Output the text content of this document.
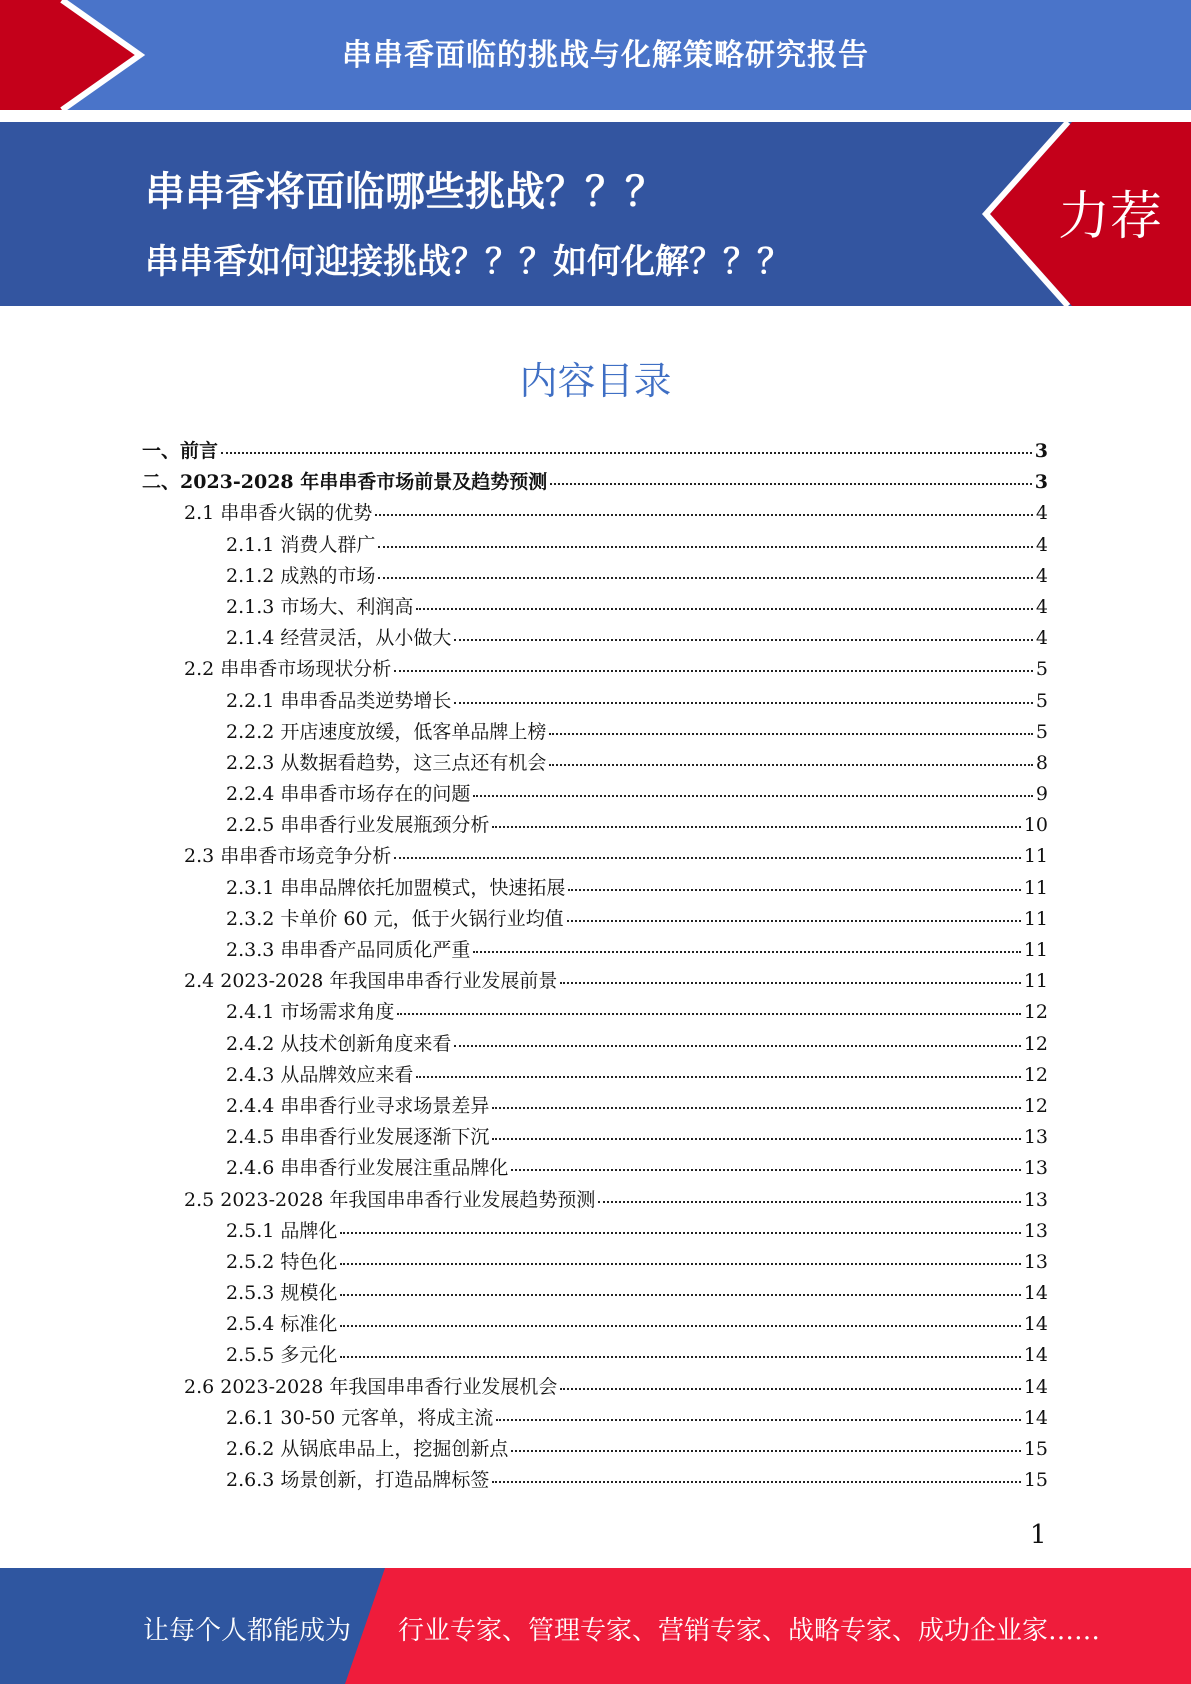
串串香面临的挑战与化解策略研究报告
串串香将面临哪些挑战？？？
串串香如何迎接挑战？？？如何化解？？？
力荐
内容目录
一、前言	3
二、2023-2028 年串串香市场前景及趋势预测	3
2.1 串串香火锅的优势	4
2.1.1 消费人群广	4
2.1.2 成熟的市场	4
2.1.3 市场大、利润高	4
2.1.4 经营灵活，从小做大	4
2.2 串串香市场现状分析	5
2.2.1 串串香品类逆势增长	5
2.2.2 开店速度放缓，低客单品牌上榜	5
2.2.3 从数据看趋势，这三点还有机会	8
2.2.4 串串香市场存在的问题	9
2.2.5 串串香行业发展瓶颈分析	10
2.3 串串香市场竞争分析	11
2.3.1 串串品牌依托加盟模式，快速拓展	11
2.3.2 卡单价 60 元，低于火锅行业均值	11
2.3.3 串串香产品同质化严重	11
2.4 2023-2028 年我国串串香行业发展前景	11
2.4.1 市场需求角度	12
2.4.2 从技术创新角度来看	12
2.4.3 从品牌效应来看	12
2.4.4 串串香行业寻求场景差异	12
2.4.5 串串香行业发展逐渐下沉	13
2.4.6 串串香行业发展注重品牌化	13
2.5 2023-2028 年我国串串香行业发展趋势预测	13
2.5.1 品牌化	13
2.5.2 特色化	13
2.5.3 规模化	14
2.5.4 标准化	14
2.5.5 多元化	14
2.6 2023-2028 年我国串串香行业发展机会	14
2.6.1 30-50 元客单，将成主流	14
2.6.2 从锅底串品上，挖掘创新点	15
2.6.3 场景创新，打造品牌标签	15
1
让每个人都能成为 行业专家、管理专家、营销专家、战略专家、成功企业家……
